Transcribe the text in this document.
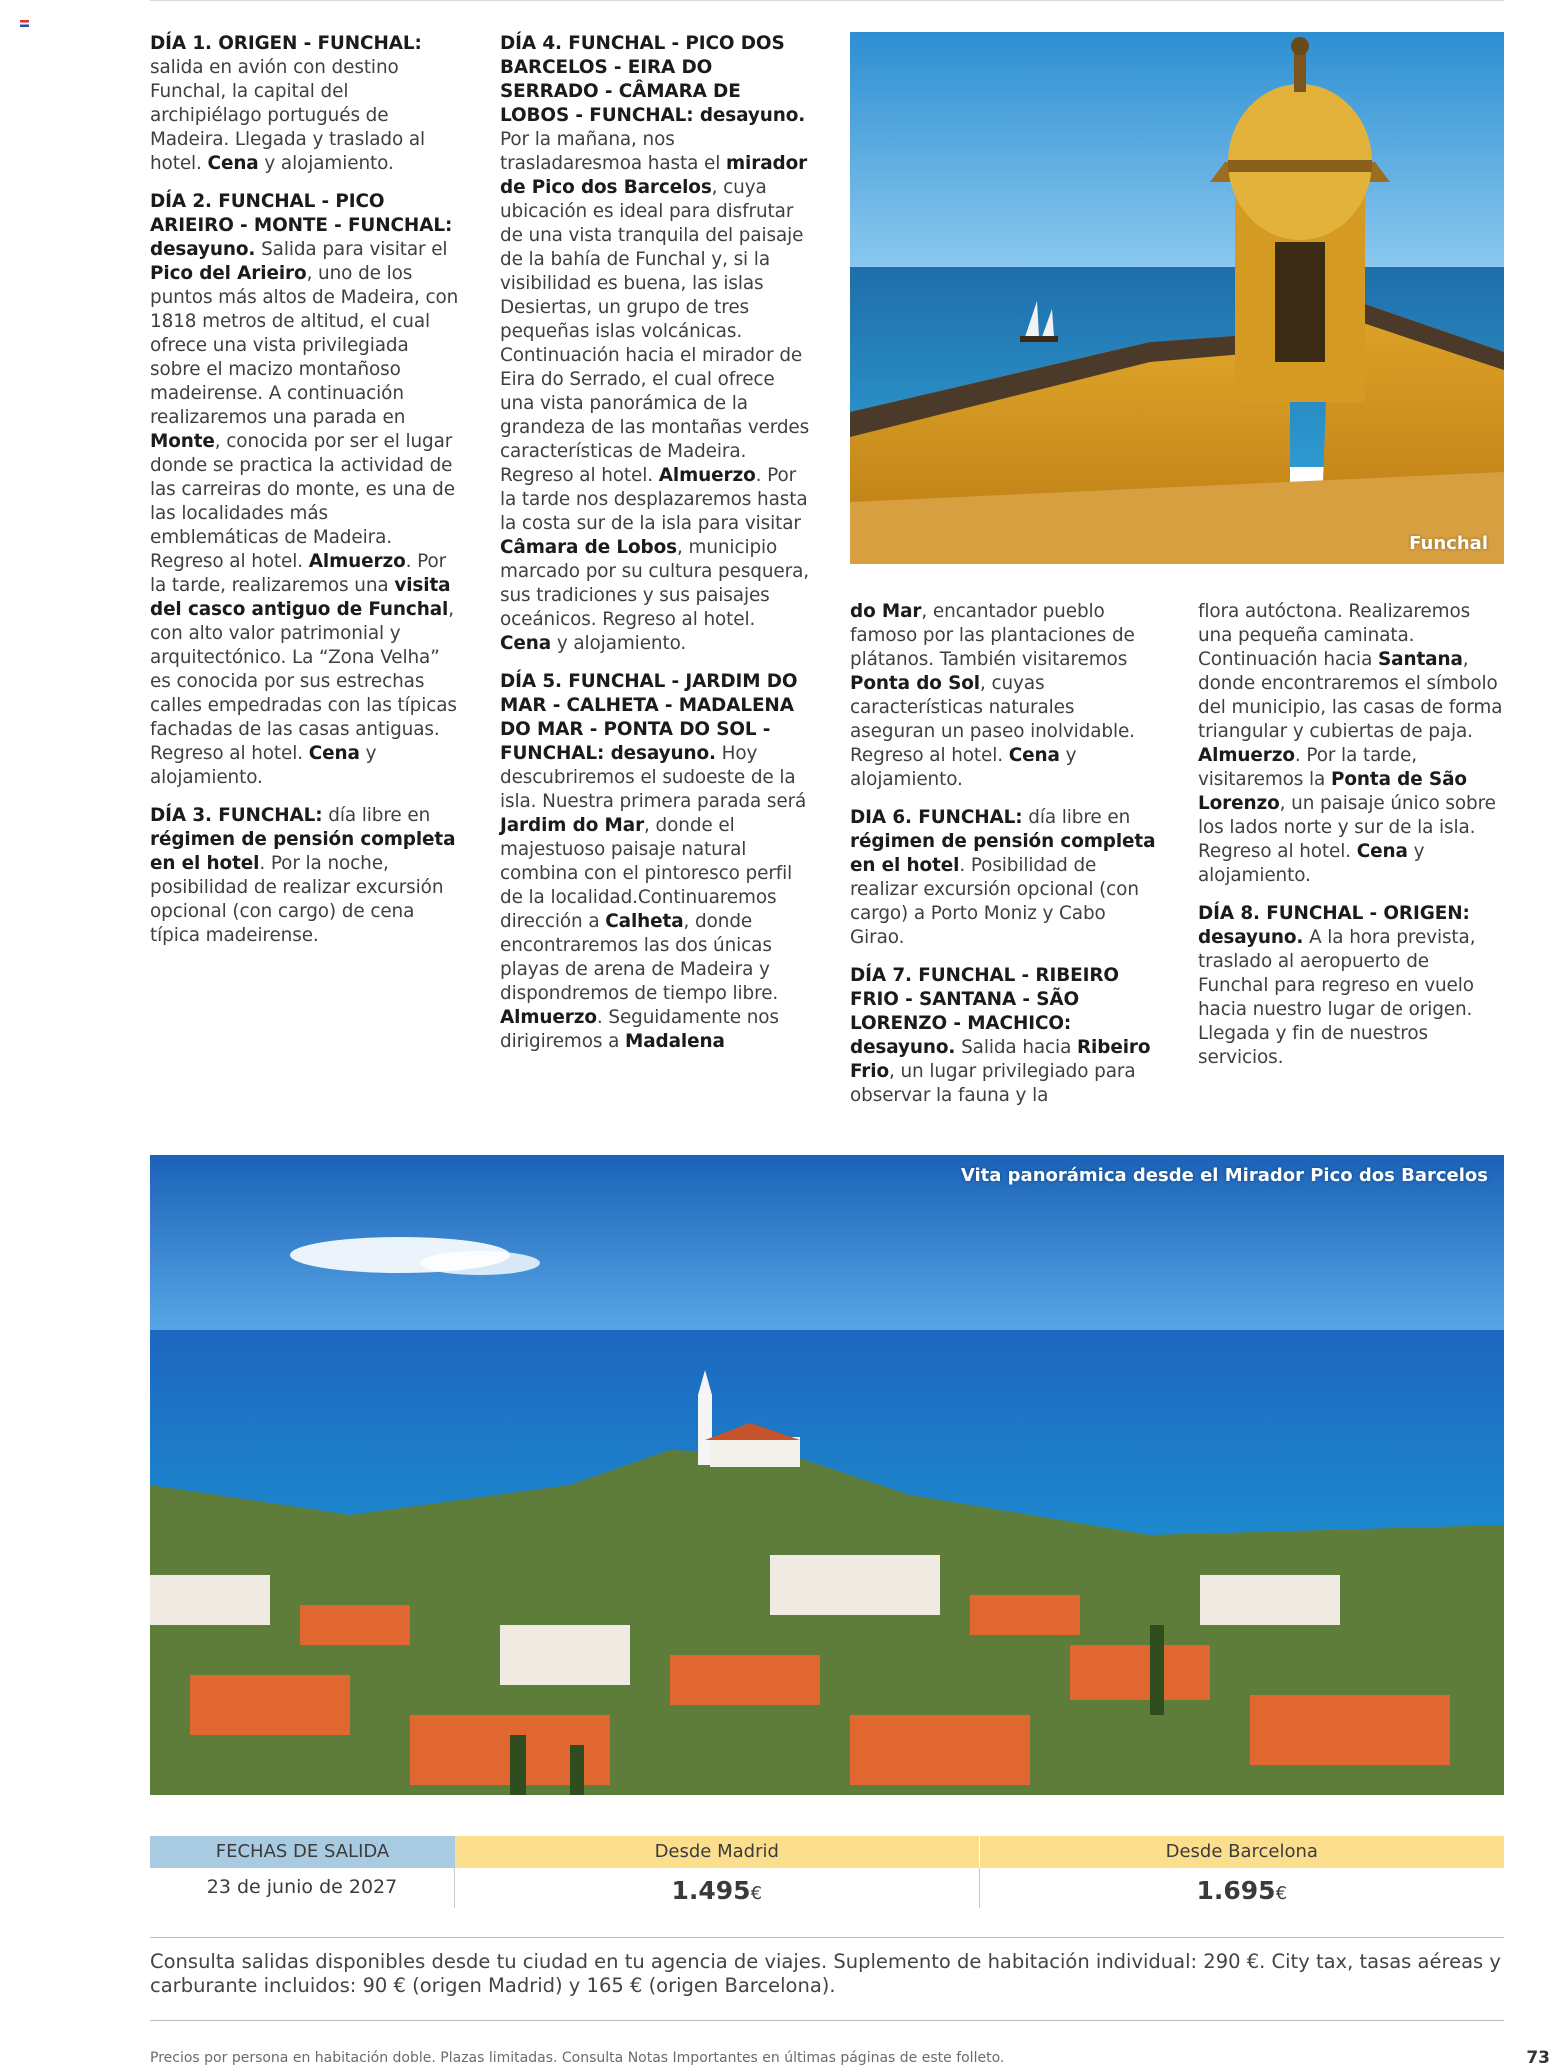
DÍA 1. ORIGEN - FUNCHAL: salida en avión con destino Funchal, la capital del archipiélago portugués de Madeira. Llegada y traslado al hotel. Cena y alojamiento.

DÍA 2. FUNCHAL - PICO ARIEIRO - MONTE - FUNCHAL: desayuno. Salida para visitar el Pico del Arieiro, uno de los puntos más altos de Madeira, con 1818 metros de altitud, el cual ofrece una vista privilegiada sobre el macizo montañoso madeirense. A continuación realizaremos una parada en Monte, conocida por ser el lugar donde se practica la actividad de las carreiras do monte, es una de las localidades más emblemáticas de Madeira. Regreso al hotel. Almuerzo. Por la tarde, realizaremos una visita del casco antiguo de Funchal, con alto valor patrimonial y arquitectónico. La “Zona Velha” es conocida por sus estrechas calles empedradas con las típicas fachadas de las casas antiguas. Regreso al hotel. Cena y alojamiento.

DÍA 3. FUNCHAL: día libre en régimen de pensión completa en el hotel. Por la noche, posibilidad de realizar excursión opcional (con cargo) de cena típica madeirense.

DÍA 4. FUNCHAL - PICO DOS BARCELOS - EIRA DO SERRADO - CÂMARA DE LOBOS - FUNCHAL: desayuno. Por la mañana, nos trasladaresmoa hasta el mirador de Pico dos Barcelos, cuya ubicación es ideal para disfrutar de una vista tranquila del paisaje de la bahía de Funchal y, si la visibilidad es buena, las islas Desiertas, un grupo de tres pequeñas islas volcánicas. Continuación hacia el mirador de Eira do Serrado, el cual ofrece una vista panorámica de la grandeza de las montañas verdes características de Madeira. Regreso al hotel. Almuerzo. Por la tarde nos desplazaremos hasta la costa sur de la isla para visitar Câmara de Lobos, municipio marcado por su cultura pesquera, sus tradiciones y sus paisajes oceánicos. Regreso al hotel. Cena y alojamiento.

DÍA 5. FUNCHAL - JARDIM DO MAR - CALHETA - MADALENA DO MAR - PONTA DO SOL - FUNCHAL: desayuno. Hoy descubriremos el sudoeste de la isla. Nuestra primera parada será Jardim do Mar, donde el majestuoso paisaje natural combina con el pintoresco perfil de la localidad.Continuaremos dirección a Calheta, donde encontraremos las dos únicas playas de arena de Madeira y dispondremos de tiempo libre. Almuerzo. Seguidamente nos dirigiremos a Madalena

Funchal

do Mar, encantador pueblo famoso por las plantaciones de plátanos. También visitaremos Ponta do Sol, cuyas características naturales aseguran un paseo inolvidable. Regreso al hotel. Cena y alojamiento.

DIA 6. FUNCHAL: día libre en régimen de pensión completa en el hotel. Posibilidad de realizar excursión opcional (con cargo) a Porto Moniz y Cabo Girao.

DÍA 7. FUNCHAL - RIBEIRO FRIO - SANTANA - SÃO LORENZO - MACHICO: desayuno. Salida hacia Ribeiro Frio, un lugar privilegiado para observar la fauna y la

flora autóctona. Realizaremos una pequeña caminata. Continuación hacia Santana, donde encontraremos el símbolo del municipio, las casas de forma triangular y cubiertas de paja. Almuerzo. Por la tarde, visitaremos la Ponta de São Lorenzo, un paisaje único sobre los lados norte y sur de la isla. Regreso al hotel. Cena y alojamiento.

DÍA 8. FUNCHAL - ORIGEN: desayuno. A la hora prevista, traslado al aeropuerto de Funchal para regreso en vuelo hacia nuestro lugar de origen. Llegada y fin de nuestros servicios.

Vita panorámica desde el Mirador Pico dos Barcelos
FECHAS DE SALIDA	Desde Madrid	Desde Barcelona
23 de junio de 2027	1.495€	1.695€
Consulta salidas disponibles desde tu ciudad en tu agencia de viajes. Suplemento de habitación individual: 290 €. City tax, tasas aéreas y carburante incluidos: 90 € (origen Madrid) y 165 € (origen Barcelona).
Precios por persona en habitación doble. Plazas limitadas. Consulta Notas Importantes en últimas páginas de este folleto.	73
